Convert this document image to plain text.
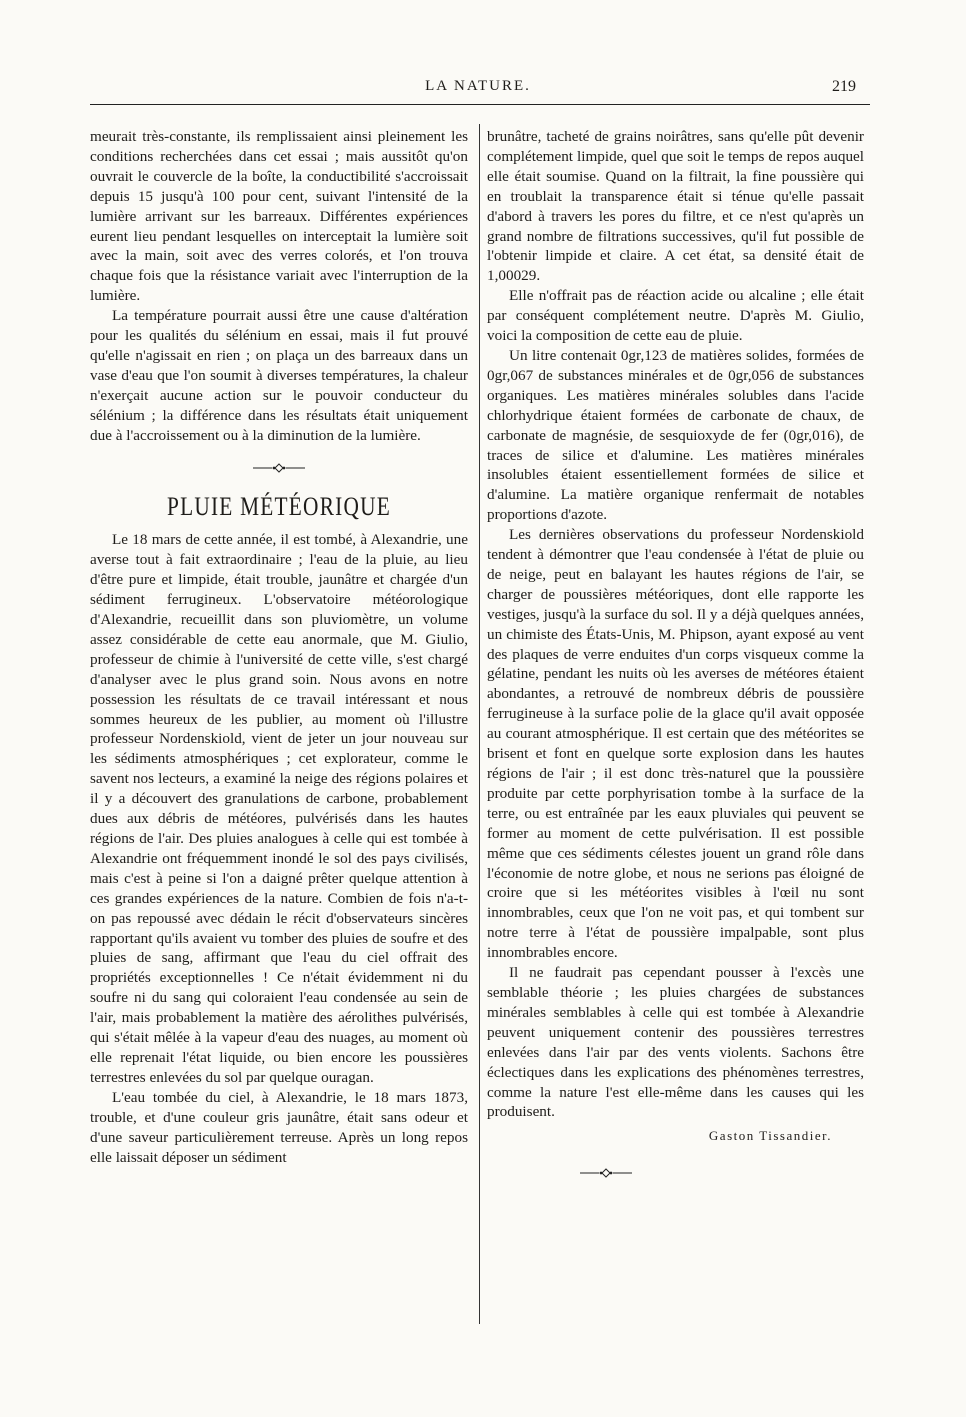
LA NATURE.	219

meurait très-constante, ils remplissaient ainsi pleinement les conditions recherchées dans cet essai ; mais aussitôt qu'on ouvrait le couvercle de la boîte, la conductibilité s'accroissait depuis 15 jusqu'à 100 pour cent, suivant l'intensité de la lumière arrivant sur les barreaux. Différentes expériences eurent lieu pendant lesquelles on interceptait la lumière soit avec la main, soit avec des verres colorés, et l'on trouva chaque fois que la résistance variait avec l'interruption de la lumière.

La température pourrait aussi être une cause d'altération pour les qualités du sélénium en essai, mais il fut prouvé qu'elle n'agissait en rien ; on plaça un des barreaux dans un vase d'eau que l'on soumit à diverses températures, la chaleur n'exerçait aucune action sur le pouvoir conducteur du sélénium ; la différence dans les résultats était uniquement due à l'accroissement ou à la diminution de la lumière.

PLUIE MÉTÉORIQUE

Le 18 mars de cette année, il est tombé, à Alexandrie, une averse tout à fait extraordinaire ; l'eau de la pluie, au lieu d'être pure et limpide, était trouble, jaunâtre et chargée d'un sédiment ferrugineux. L'observatoire météorologique d'Alexandrie, recueillit dans son pluviomètre, un volume assez considérable de cette eau anormale, que M. Giulio, professeur de chimie à l'université de cette ville, s'est chargé d'analyser avec le plus grand soin. Nous avons en notre possession les résultats de ce travail intéressant et nous sommes heureux de les publier, au moment où l'illustre professeur Nordenskiold, vient de jeter un jour nouveau sur les sédiments atmosphériques ; cet explorateur, comme le savent nos lecteurs, a examiné la neige des régions polaires et il y a découvert des granulations de carbone, probablement dues aux débris de météores, pulvérisés dans les hautes régions de l'air. Des pluies analogues à celle qui est tombée à Alexandrie ont fréquemment inondé le sol des pays civilisés, mais c'est à peine si l'on a daigné prêter quelque attention à ces grandes expériences de la nature. Combien de fois n'a-t-on pas repoussé avec dédain le récit d'observateurs sincères rapportant qu'ils avaient vu tomber des pluies de soufre et des pluies de sang, affirmant que l'eau du ciel offrait des propriétés exceptionnelles ! Ce n'était évidemment ni du soufre ni du sang qui coloraient l'eau condensée au sein de l'air, mais probablement la matière des aérolithes pulvérisés, qui s'était mêlée à la vapeur d'eau des nuages, au moment où elle reprenait l'état liquide, ou bien encore les poussières terrestres enlevées du sol par quelque ouragan.

L'eau tombée du ciel, à Alexandrie, le 18 mars 1873, trouble, et d'une couleur gris jaunâtre, était sans odeur et d'une saveur particulièrement terreuse. Après un long repos elle laissait déposer un sédiment

brunâtre, tacheté de grains noirâtres, sans qu'elle pût devenir complétement limpide, quel que soit le temps de repos auquel elle était soumise. Quand on la filtrait, la fine poussière qui en troublait la transparence était si ténue qu'elle passait d'abord à travers les pores du filtre, et ce n'est qu'après un grand nombre de filtrations successives, qu'il fut possible de l'obtenir limpide et claire. A cet état, sa densité était de 1,00029.

Elle n'offrait pas de réaction acide ou alcaline ; elle était par conséquent complétement neutre. D'après M. Giulio, voici la composition de cette eau de pluie.

Un litre contenait 0gr,123 de matières solides, formées de 0gr,067 de substances minérales et de 0gr,056 de substances organiques. Les matières minérales solubles dans l'acide chlorhydrique étaient formées de carbonate de chaux, de carbonate de magnésie, de sesquioxyde de fer (0gr,016), de traces de silice et d'alumine. Les matières minérales insolubles étaient essentiellement formées de silice et d'alumine. La matière organique renfermait de notables proportions d'azote.

Les dernières observations du professeur Nordenskiold tendent à démontrer que l'eau condensée à l'état de pluie ou de neige, peut en balayant les hautes régions de l'air, se charger de poussières météoriques, dont elle rapporte les vestiges, jusqu'à la surface du sol. Il y a déjà quelques années, un chimiste des États-Unis, M. Phipson, ayant exposé au vent des plaques de verre enduites d'un corps visqueux comme la gélatine, pendant les nuits où les averses de météores étaient abondantes, a retrouvé de nombreux débris de poussière ferrugineuse à la surface polie de la glace qu'il avait opposée au courant atmosphérique. Il est certain que des météorites se brisent et font en quelque sorte explosion dans les hautes régions de l'air ; il est donc très-naturel que la poussière produite par cette porphyrisation tombe à la surface de la terre, ou est entraînée par les eaux pluviales qui peuvent se former au moment de cette pulvérisation. Il est possible même que ces sédiments célestes jouent un grand rôle dans l'économie de notre globe, et nous ne serions pas éloigné de croire que si les météorites visibles à l'œil nu sont innombrables, ceux que l'on ne voit pas, et qui tombent sur notre terre à l'état de poussière impalpable, sont plus innombrables encore.

Il ne faudrait pas cependant pousser à l'excès une semblable théorie ; les pluies chargées de substances minérales semblables à celle qui est tombée à Alexandrie peuvent uniquement contenir des poussières terrestres enlevées dans l'air par des vents violents. Sachons être éclectiques dans les explications des phénomènes terrestres, comme la nature l'est elle-même dans les causes qui les produisent.

Gaston Tissandier.
